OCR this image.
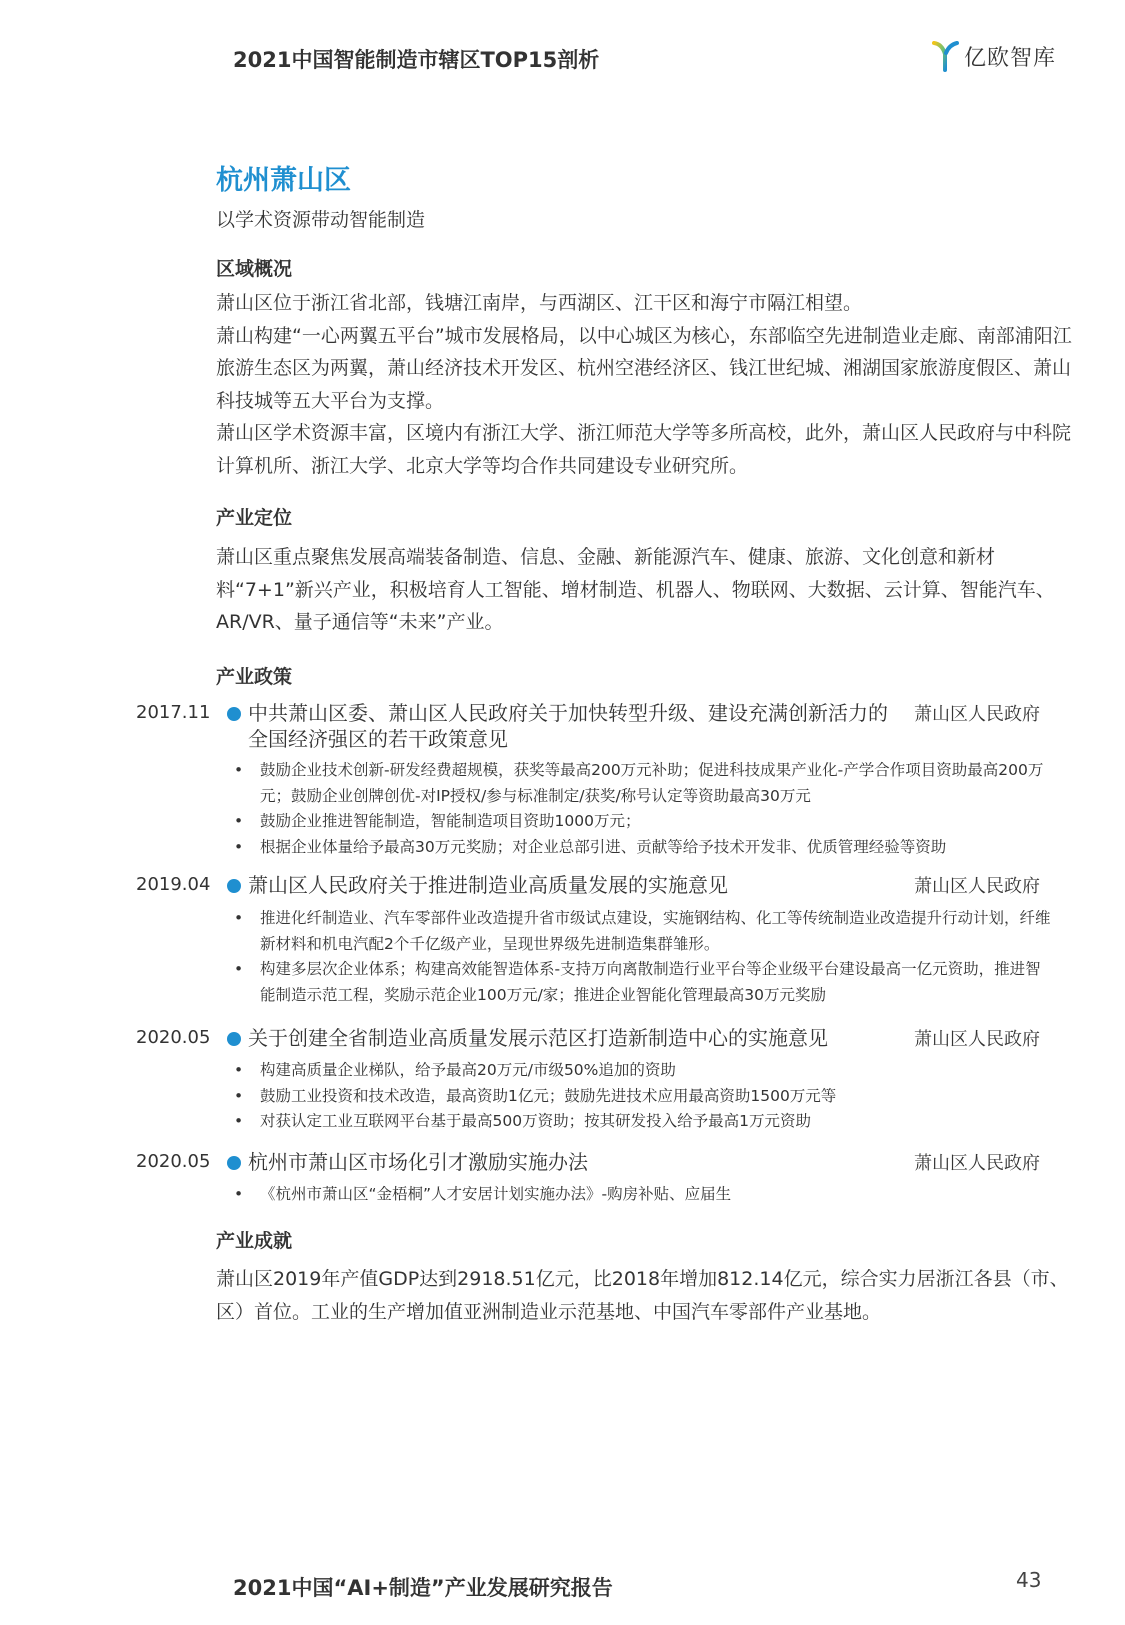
2021中国智能制造市辖区TOP15剖析	亿欧智库
杭州萧山区
以学术资源带动智能制造
区域概况

萧山区位于浙江省北部，钱塘江南岸，与西湖区、江干区和海宁市隔江相望。

萧山构建“一心两翼五平台”城市发展格局，以中心城区为核心，东部临空先进制造业走廊、南部浦阳江旅游生态区为两翼，萧山经济技术开发区、杭州空港经济区、钱江世纪城、湘湖国家旅游度假区、萧山科技城等五大平台为支撑。

萧山区学术资源丰富，区境内有浙江大学、浙江师范大学等多所高校，此外，萧山区人民政府与中科院计算机所、浙江大学、北京大学等均合作共同建设专业研究所。

产业定位
萧山区重点聚焦发展高端装备制造、信息、金融、新能源汽车、健康、旅游、文化创意和新材料“7+1”新兴产业，积极培育人工智能、增材制造、机器人、物联网、大数据、云计算、智能汽车、AR/VR、量子通信等“未来”产业。
产业政策
2017.11 中共萧山区委、萧山区人民政府关于加快转型升级、建设充满创新活力的全国经济强区的若干政策意见
萧山区人民政府
• 鼓励企业技术创新-研发经费超规模，获奖等最高200万元补助；促进科技成果产业化-产学合作项目资助最高200万元；鼓励企业创牌创优-对IP授权/参与标准制定/获奖/称号认定等资助最高30万元
• 鼓励企业推进智能制造，智能制造项目资助1000万元；
• 根据企业体量给予最高30万元奖励；对企业总部引进、贡献等给予技术开发非、优质管理经验等资助
2019.04 萧山区人民政府关于推进制造业高质量发展的实施意见	萧山区人民政府
• 推进化纤制造业、汽车零部件业改造提升省市级试点建设，实施钢结构、化工等传统制造业改造提升行动计划，纤维新材料和机电汽配2个千亿级产业，呈现世界级先进制造集群雏形。
• 构建多层次企业体系；构建高效能智造体系-支持万向离散制造行业平台等企业级平台建设最高一亿元资助，推进智能制造示范工程，奖励示范企业100万元/家；推进企业智能化管理最高30万元奖励
2020.05 关于创建全省制造业高质量发展示范区打造新制造中心的实施意见	萧山区人民政府
• 构建高质量企业梯队，给予最高20万元/市级50%追加的资助
• 鼓励工业投资和技术改造，最高资助1亿元；鼓励先进技术应用最高资助1500万元等
• 对获认定工业互联网平台基于最高500万资助；按其研发投入给予最高1万元资助
2020.05 杭州市萧山区市场化引才激励实施办法	萧山区人民政府
• 《杭州市萧山区“金梧桐”人才安居计划实施办法》-购房补贴、应届生
产业成就
萧山区2019年产值GDP达到2918.51亿元，比2018年增加812.14亿元，综合实力居浙江各县（市、区）首位。工业的生产增加值亚洲制造业示范基地、中国汽车零部件产业基地。
2021中国“AI+制造”产业发展研究报告	43
